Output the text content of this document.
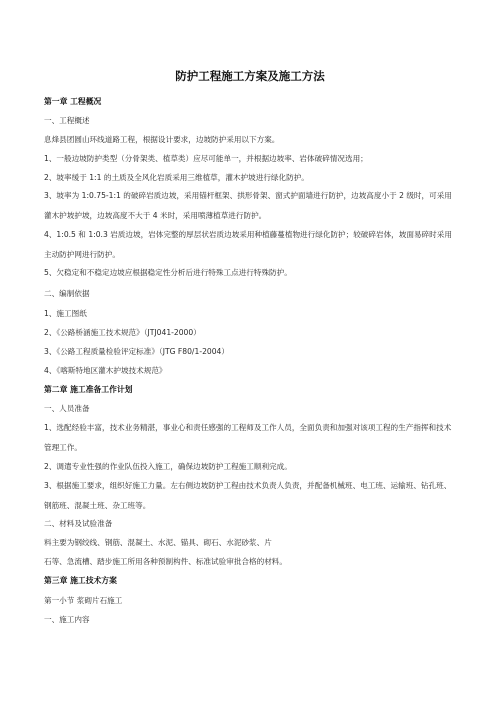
防护工程施工方案及施工方法
第一章 工程概况
一、工程概述
息烽县团圆山环线道路工程，根据设计要求，边坡防护采用以下方案。
1、一般边坡防护类型（分骨架类、植草类）应尽可能单一，并根据边坡率、岩体破碎情况选用；
2、坡率缓于 1:1 的土质及全风化岩质采用三维植草，灌木护坡进行绿化防护。
3、坡率为 1:0.75-1:1 的破碎岩质边坡，采用锚杆框架、拱形骨架、窗式护面墙进行防护，边坡高度小于 2 级时，可采用灌木护坡护坡，边坡高度不大于 4 米时，采用喷薄植草进行防护。
4、1:0.5 和 1:0.3 岩质边坡，岩体完整的厚层状岩质边坡采用种植藤蔓植物进行绿化防护；较破碎岩体，坡面易碎时采用主动防护网进行防护。
5、欠稳定和不稳定边坡应根据稳定性分析后进行特殊工点进行特殊防护。
二、编制依据
1、施工图纸
2、《公路桥涵施工技术规范》（JTJ041-2000）
3、《公路工程质量检验评定标准》（JTG F80/1-2004）
4、《喀斯特地区灌木护坡技术规范》
第二章 施工准备工作计划
一、人员准备
1、选配经验丰富，技术业务精湛，事业心和责任感强的工程师及工作人员，全面负责和加强对该项工程的生产指挥和技术管理工作。
2、调遣专业性强的作业队伍投入施工，确保边坡防护工程施工顺利完成。
3、根据施工要求，组织好施工力量。左右侧边坡防护工程由技术负责人负责，并配备机械班、电工班、运输班、钻孔班、钢筋班、混凝土班、杂工班等。
二、材料及试验准备
料主要为钢绞线、钢筋、混凝土、水泥、锚具、砌石、水泥砂浆、片
石等、急流槽、踏步施工所用各种预制构件、标准试验审批合格的材料。
第三章 施工技术方案
第一小节 浆砌片石施工
一、施工内容
